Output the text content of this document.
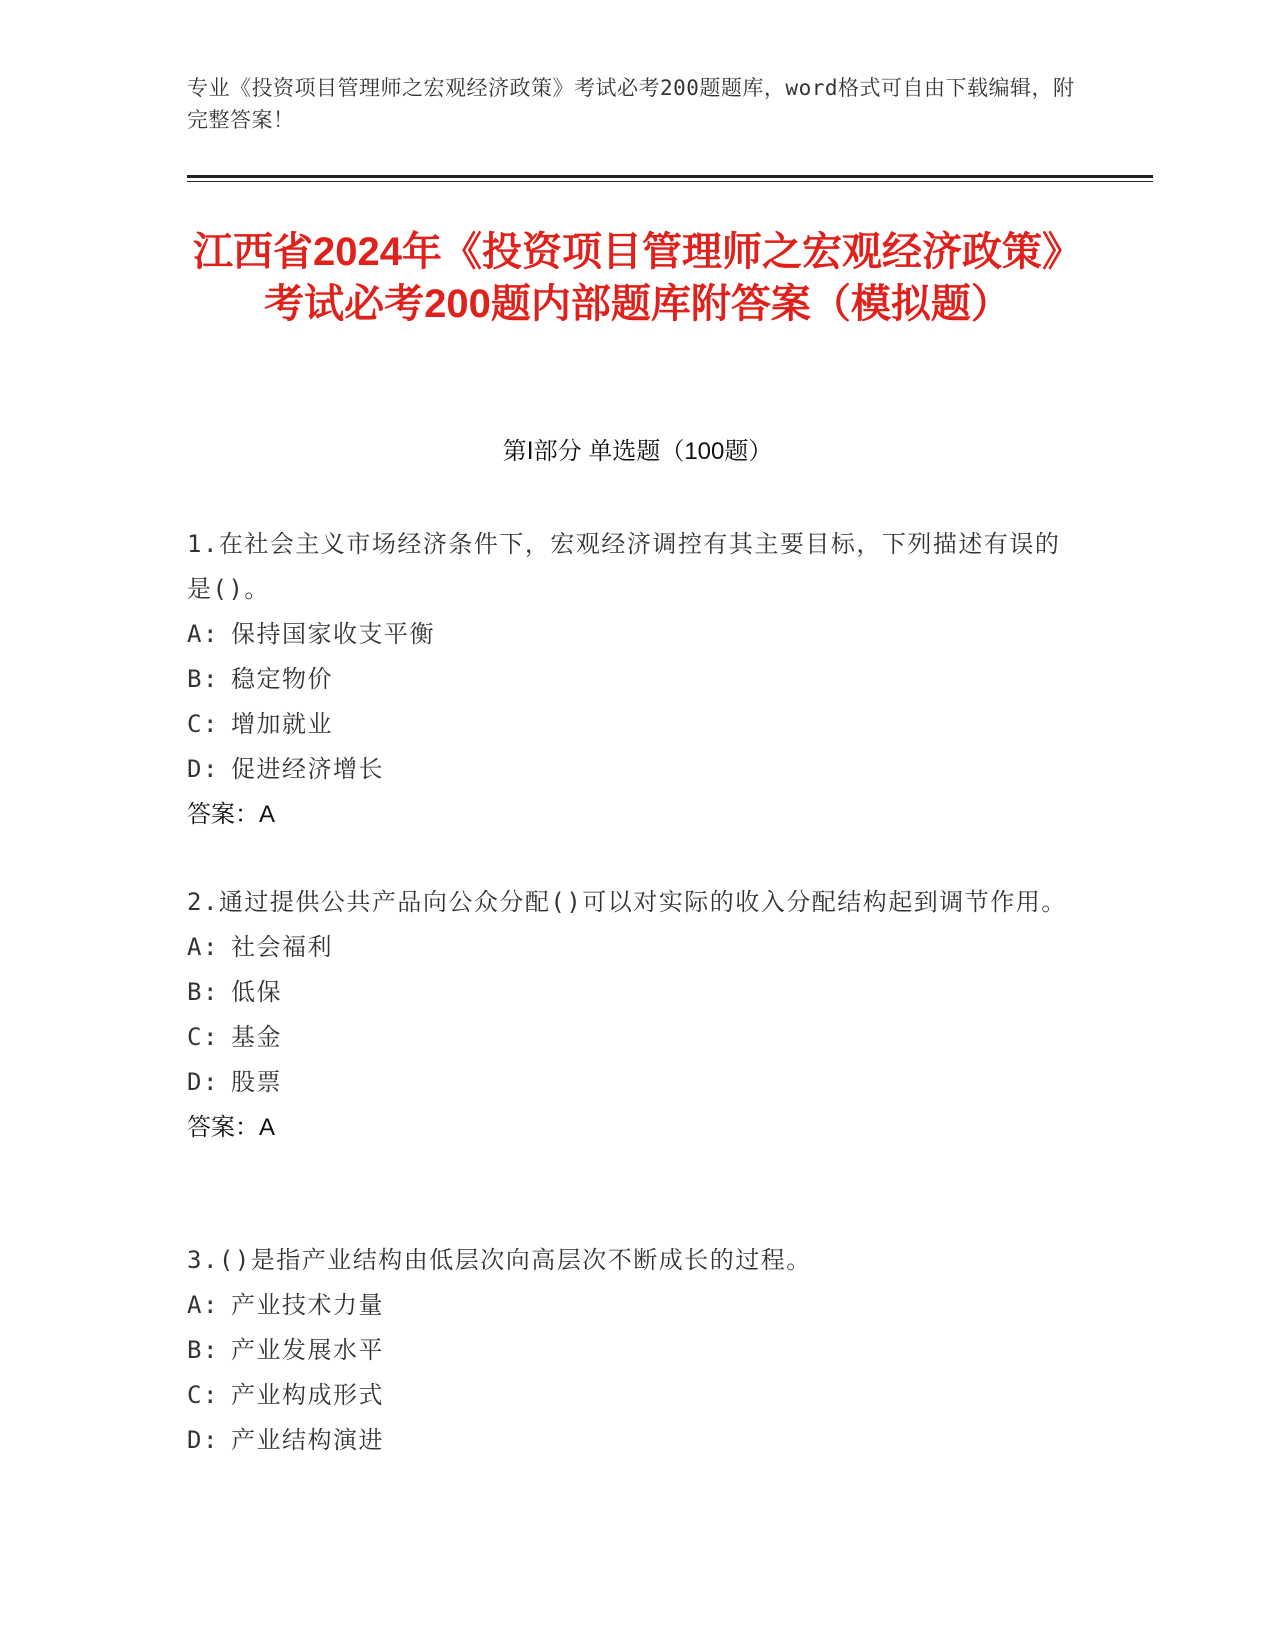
专业《投资项目管理师之宏观经济政策》考试必考200题题库，word格式可自由下载编辑，附完整答案！
江西省2024年《投资项目管理师之宏观经济政策》考试必考200题内部题库附答案（模拟题）
第Ⅰ部分 单选题（100题）
1.在社会主义市场经济条件下，宏观经济调控有其主要目标，下列描述有误的是()。
A: 保持国家收支平衡
B: 稳定物价
C: 增加就业
D: 促进经济增长
答案：A
2.通过提供公共产品向公众分配()可以对实际的收入分配结构起到调节作用。
A: 社会福利
B: 低保
C: 基金
D: 股票
答案：A
3.()是指产业结构由低层次向高层次不断成长的过程。
A: 产业技术力量
B: 产业发展水平
C: 产业构成形式
D: 产业结构演进
